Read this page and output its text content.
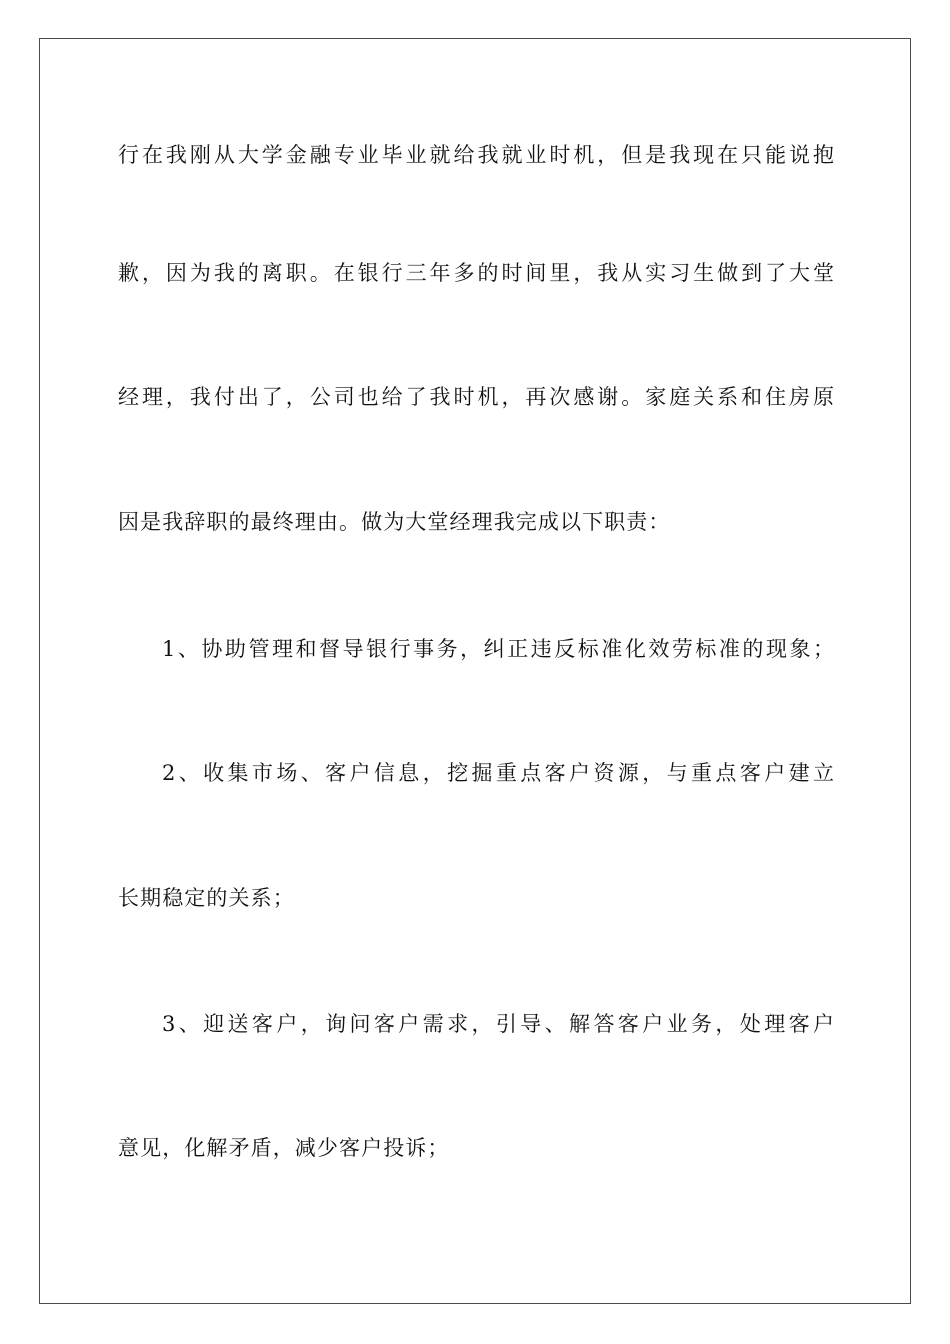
行在我刚从大学金融专业毕业就给我就业时机，但是我现在只能说抱
歉，因为我的离职。在银行三年多的时间里，我从实习生做到了大堂
经理，我付出了，公司也给了我时机，再次感谢。家庭关系和住房原
因是我辞职的最终理由。做为大堂经理我完成以下职责：
1、协助管理和督导银行事务，纠正违反标准化效劳标准的现象；
2、收集市场、客户信息，挖掘重点客户资源，与重点客户建立
长期稳定的关系；
3、迎送客户，询问客户需求，引导、解答客户业务，处理客户
意见，化解矛盾，减少客户投诉；
